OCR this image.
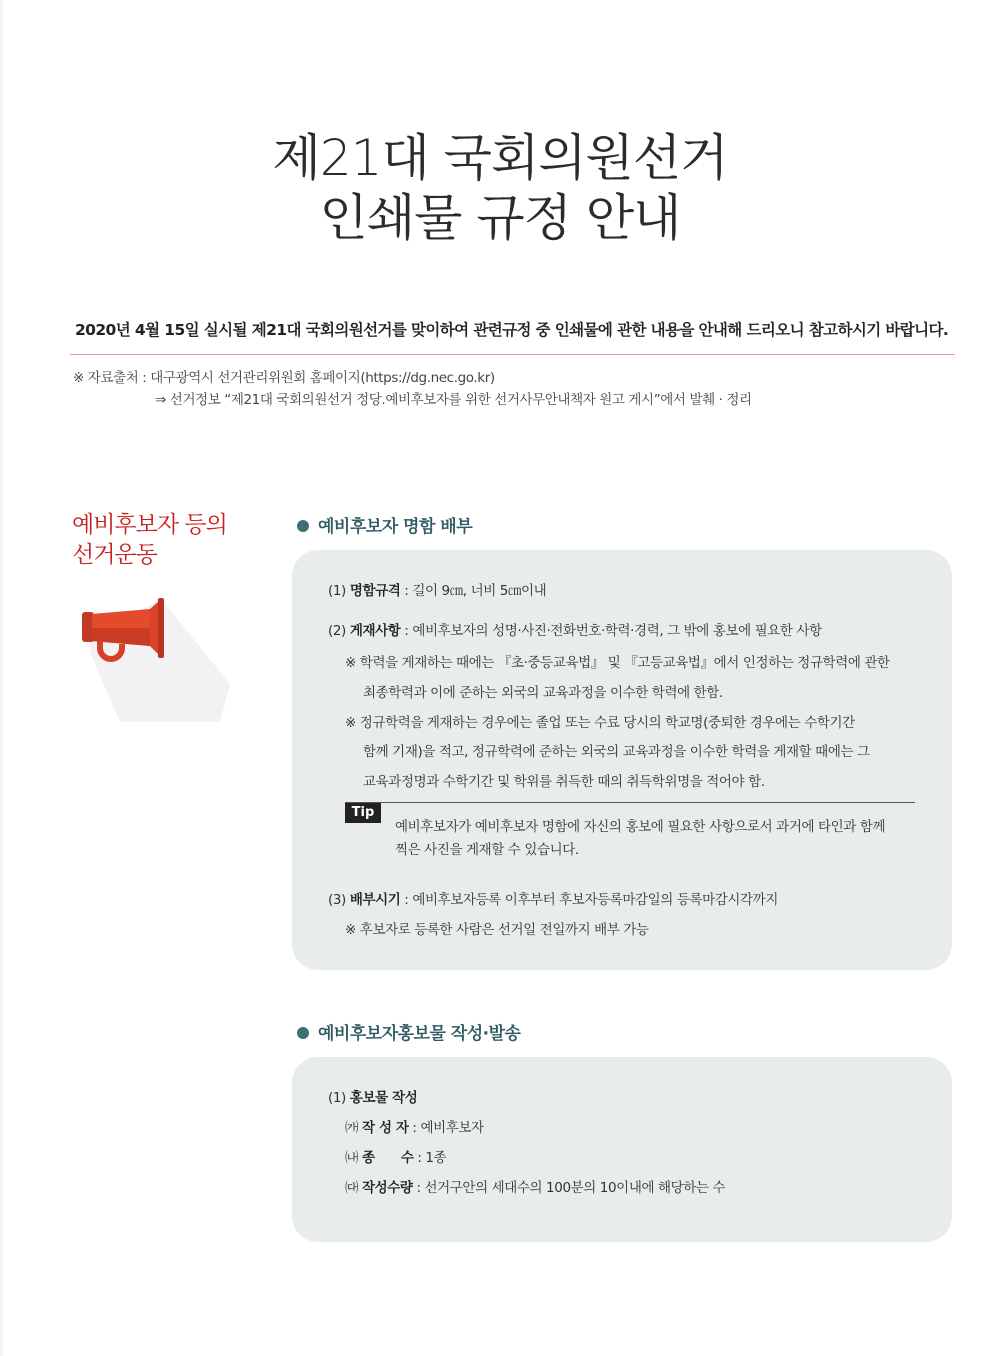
제21대 국회의원선거
인쇄물 규정 안내
2020년 4월 15일 실시될 제21대 국회의원선거를 맞이하여 관련규정 중 인쇄물에 관한 내용을 안내해 드리오니 참고하시기 바랍니다.
※ 자료출처 : 대구광역시 선거관리위원회 홈페이지(https://dg.nec.go.kr)
⇒ 선거정보 “제21대 국회의원선거 정당.예비후보자를 위한 선거사무안내책자 원고 게시”에서 발췌 · 정리
예비후보자 등의
선거운동
예비후보자 명함 배부
(1) 명함규격 : 길이 9㎝, 너비 5㎝이내
(2) 게재사항 : 예비후보자의 성명·사진·전화번호·학력·경력, 그 밖에 홍보에 필요한 사항
※ 학력을 게재하는 때에는 『초·중등교육법』 및 『고등교육법』에서 인정하는 정규학력에 관한
최종학력과 이에 준하는 외국의 교육과정을 이수한 학력에 한함.
※ 정규학력을 게재하는 경우에는 졸업 또는 수료 당시의 학교명(중퇴한 경우에는 수학기간
함께 기재)을 적고, 정규학력에 준하는 외국의 교육과정을 이수한 학력을 게재할 때에는 그
교육과정명과 수학기간 및 학위를 취득한 때의 취득학위명을 적어야 함.
Tip
예비후보자가 예비후보자 명함에 자신의 홍보에 필요한 사항으로서 과거에 타인과 함께
찍은 사진을 게재할 수 있습니다.
(3) 배부시기 : 예비후보자등록 이후부터 후보자등록마감일의 등록마감시각까지
※ 후보자로 등록한 사람은 선거일 전일까지 배부 가능
예비후보자홍보물 작성·발송
(1) 홍보물 작성
㈎ 작 성 자 : 예비후보자
㈏ 종　　수 : 1종
㈐ 작성수량 : 선거구안의 세대수의 100분의 10이내에 해당하는 수
